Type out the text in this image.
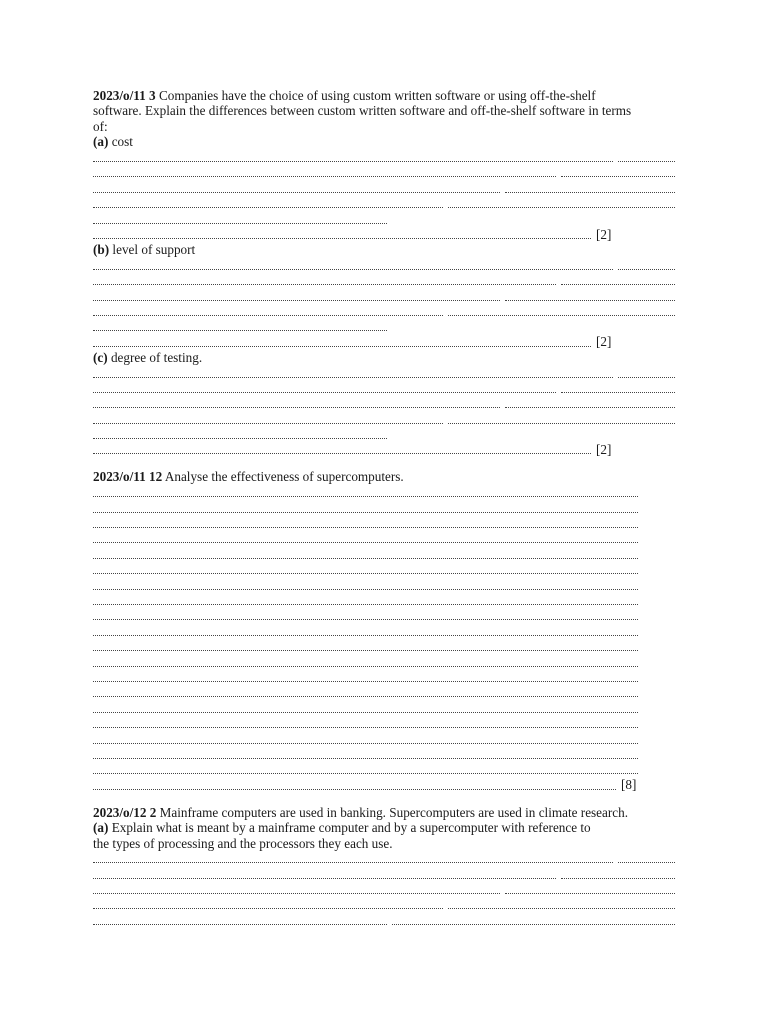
2023/o/11 3 Companies have the choice of using custom written software or using off-the-shelf
software. Explain the differences between custom written software and off-the-shelf software in terms
of:
(a) cost
[2]
(b) level of support
[2]
(c) degree of testing.
[2]
2023/o/11 12 Analyse the effectiveness of supercomputers.
[8]
2023/o/12 2 Mainframe computers are used in banking. Supercomputers are used in climate research.
(a) Explain what is meant by a mainframe computer and by a supercomputer with reference to
the types of processing and the processors they each use.
